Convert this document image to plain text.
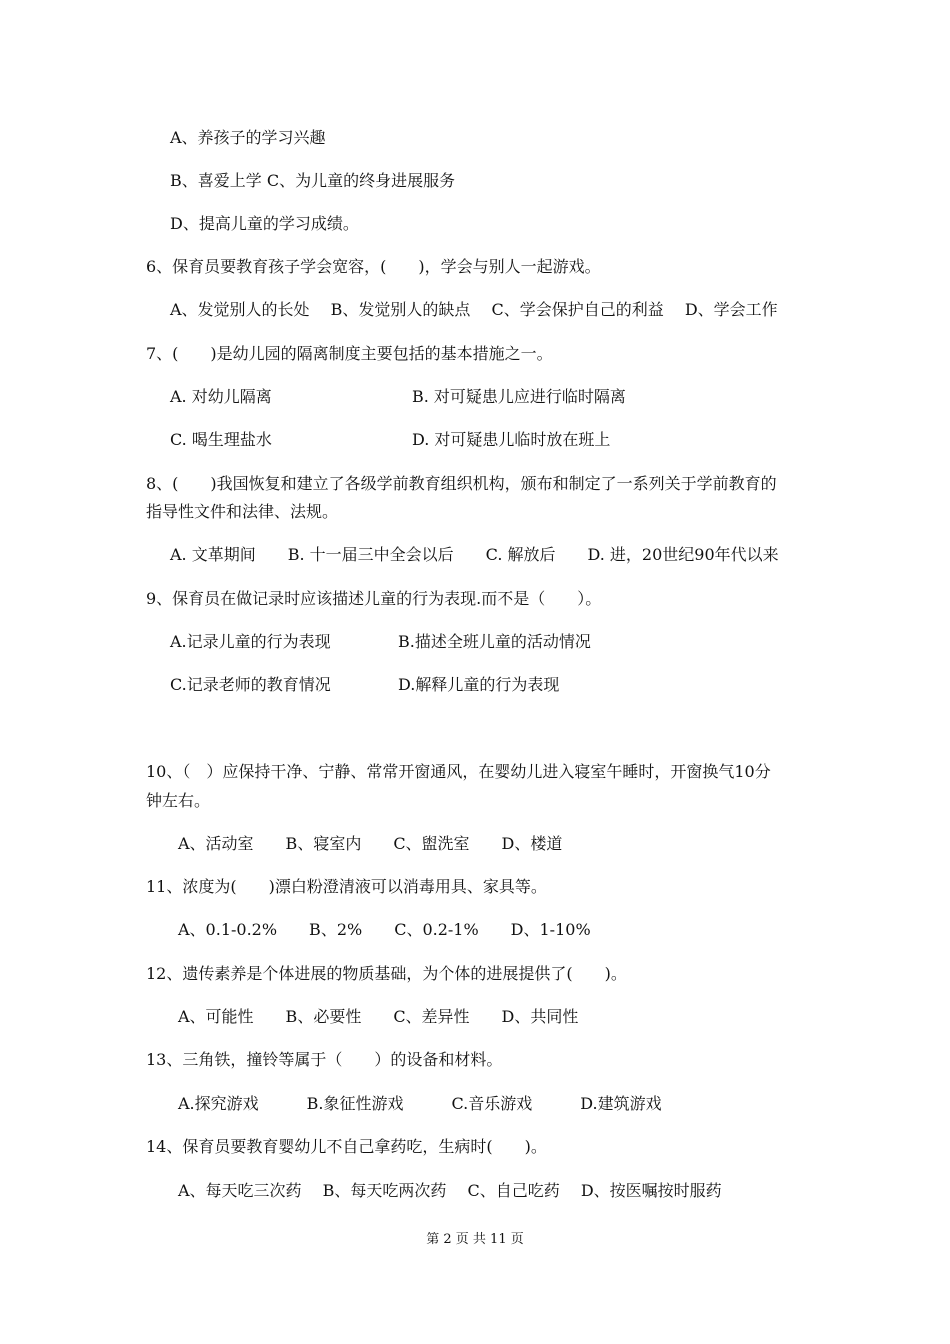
A、养孩子的学习兴趣
B、喜爱上学 C、为儿童的终身进展服务
D、提高儿童的学习成绩。
6、保育员要教育孩子学会宽容，(　　)，学会与别人一起游戏。
A、发觉别人的长处　 B、发觉别人的缺点　 C、学会保护自己的利益　 D、学会工作
7、(　　)是幼儿园的隔离制度主要包括的基本措施之一。
A. 对幼儿隔离	B. 对可疑患儿应进行临时隔离
C. 喝生理盐水	D. 对可疑患儿临时放在班上
8、(　　)我国恢复和建立了各级学前教育组织机构，颁布和制定了一系列关于学前教育的
指导性文件和法律、法规。
A. 文革期间　　B. 十一届三中全会以后　　C. 解放后　　D. 进，20世纪90年代以来
9、保育员在做记录时应该描述儿童的行为表现.而不是（　　）。
A.记录儿童的行为表现	B.描述全班儿童的活动情况
C.记录老师的教育情况	D.解释儿童的行为表现
10、（　）应保持干净、宁静、常常开窗通风，在婴幼儿进入寝室午睡时，开窗换气10分
钟左右。
A、活动室　　B、寝室内　　C、盥洗室　　D、楼道
11、浓度为(　　)漂白粉澄清液可以消毒用具、家具等。
A、0.1-0.2%　　B、2%　　C、0.2-1%　　D、1-10%
12、遗传素养是个体进展的物质基础，为个体的进展提供了(　　)。
A、可能性　　B、必要性　　C、差异性　　D、共同性
13、三角铁，撞铃等属于（　　）的设备和材料。
A.探究游戏　　　B.象征性游戏　　　C.音乐游戏　　　D.建筑游戏
14、保育员要教育婴幼儿不自己拿药吃，生病时(　　)。
A、每天吃三次药　 B、每天吃两次药　 C、自己吃药　 D、按医嘱按时服药
第 2 页 共 11 页
